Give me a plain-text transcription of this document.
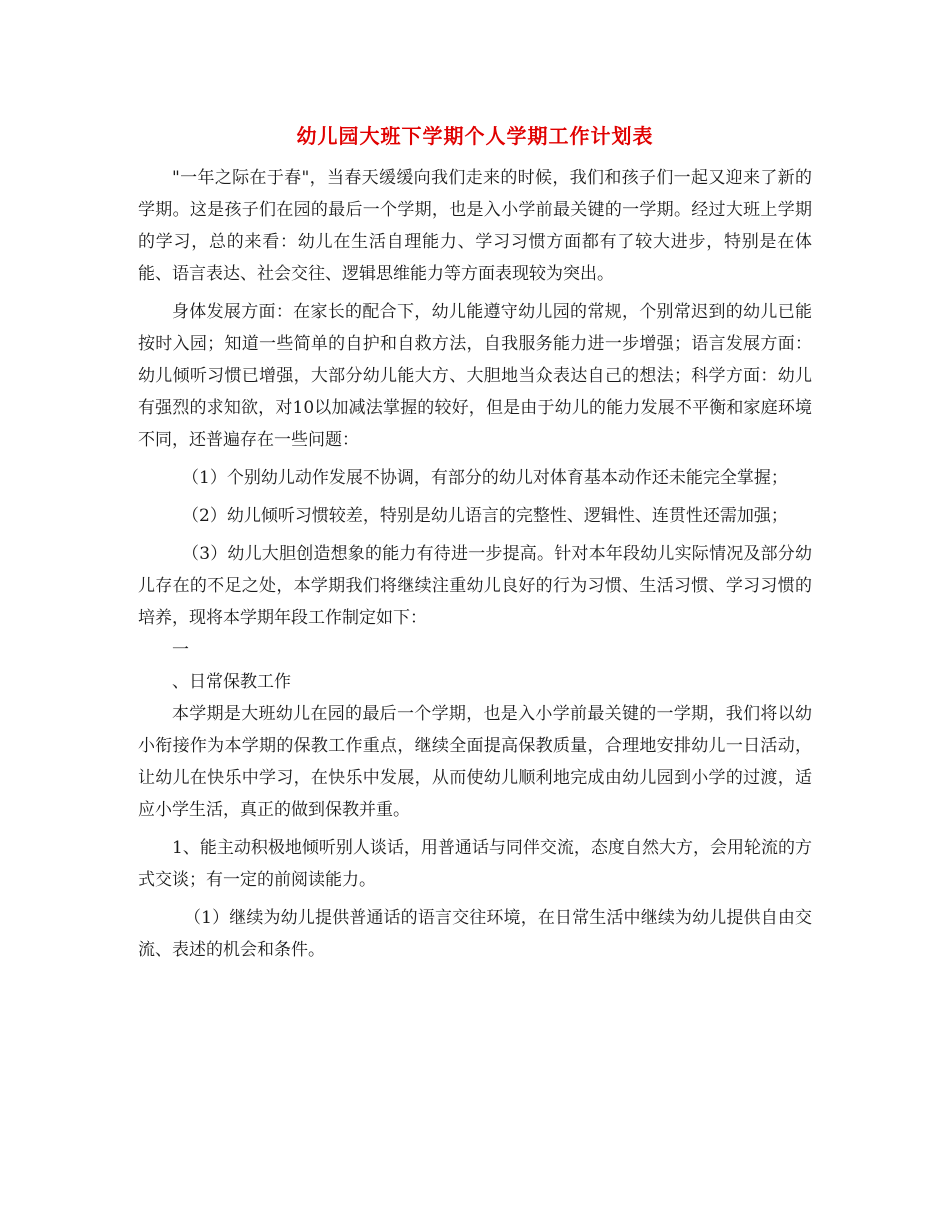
幼儿园大班下学期个人学期工作计划表

"一年之际在于春"，当春天缓缓向我们走来的时候，我们和孩子们一起又迎来了新的学期。这是孩子们在园的最后一个学期，也是入小学前最关键的一学期。经过大班上学期的学习，总的来看：幼儿在生活自理能力、学习习惯方面都有了较大进步，特别是在体能、语言表达、社会交往、逻辑思维能力等方面表现较为突出。

身体发展方面：在家长的配合下，幼儿能遵守幼儿园的常规，个别常迟到的幼儿已能按时入园；知道一些简单的自护和自救方法，自我服务能力进一步增强；语言发展方面：幼儿倾听习惯已增强，大部分幼儿能大方、大胆地当众表达自己的想法；科学方面：幼儿有强烈的求知欲，对10以加减法掌握的较好，但是由于幼儿的能力发展不平衡和家庭环境不同，还普遍存在一些问题：

（1）个别幼儿动作发展不协调，有部分的幼儿对体育基本动作还未能完全掌握；

（2）幼儿倾听习惯较差，特别是幼儿语言的完整性、逻辑性、连贯性还需加强；

（3）幼儿大胆创造想象的能力有待进一步提高。针对本年段幼儿实际情况及部分幼儿存在的不足之处，本学期我们将继续注重幼儿良好的行为习惯、生活习惯、学习习惯的培养，现将本学期年段工作制定如下：

一

、日常保教工作

本学期是大班幼儿在园的最后一个学期，也是入小学前最关键的一学期，我们将以幼小衔接作为本学期的保教工作重点，继续全面提高保教质量，合理地安排幼儿一日活动，让幼儿在快乐中学习，在快乐中发展，从而使幼儿顺利地完成由幼儿园到小学的过渡，适应小学生活，真正的做到保教并重。

1、能主动积极地倾听别人谈话，用普通话与同伴交流，态度自然大方，会用轮流的方式交谈；有一定的前阅读能力。

（1）继续为幼儿提供普通话的语言交往环境，在日常生活中继续为幼儿提供自由交流、表述的机会和条件。
